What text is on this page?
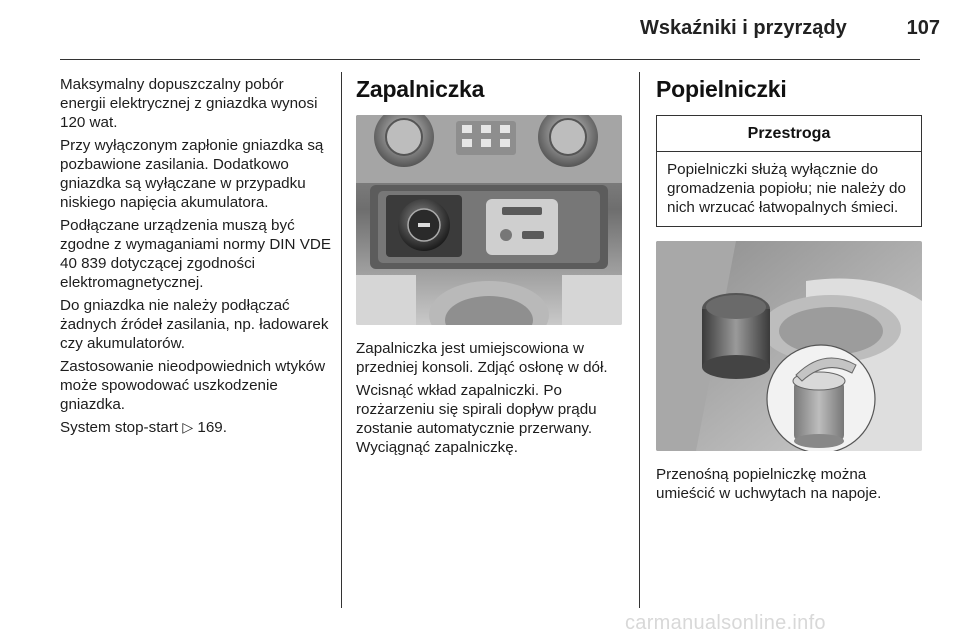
Wskaźniki i przyrządy	107

Maksymalny dopuszczalny pobór energii elektrycznej z gniazdka wynosi 120 wat.

Przy wyłączonym zapłonie gniazdka są pozbawione zasilania. Dodatkowo gniazdka są wyłączane w przypadku niskiego napięcia akumulatora.

Podłączane urządzenia muszą być zgodne z wymaganiami normy DIN VDE 40 839 dotyczącej zgodności elektromagnetycznej.

Do gniazdka nie należy podłączać żadnych źródeł zasilania, np. ładowarek czy akumulatorów.

Zastosowanie nieodpowiednich wtyków może spowodować uszkodzenie gniazdka.

System stop-start ▷ 169.

Zapalniczka

Zapalniczka jest umiejscowiona w przedniej konsoli. Zdjąć osłonę w dół.

Wcisnąć wkład zapalniczki. Po rozżarzeniu się spirali dopływ prądu zostanie automatycznie przerwany. Wyciągnąć zapalniczkę.

Popielniczki
Przestroga

Popielniczki służą wyłącznie do gromadzenia popiołu; nie należy do nich wrzucać łatwopalnych śmieci.

Przenośną popielniczkę można umieścić w uchwytach na napoje.

carmanualsonline.info
